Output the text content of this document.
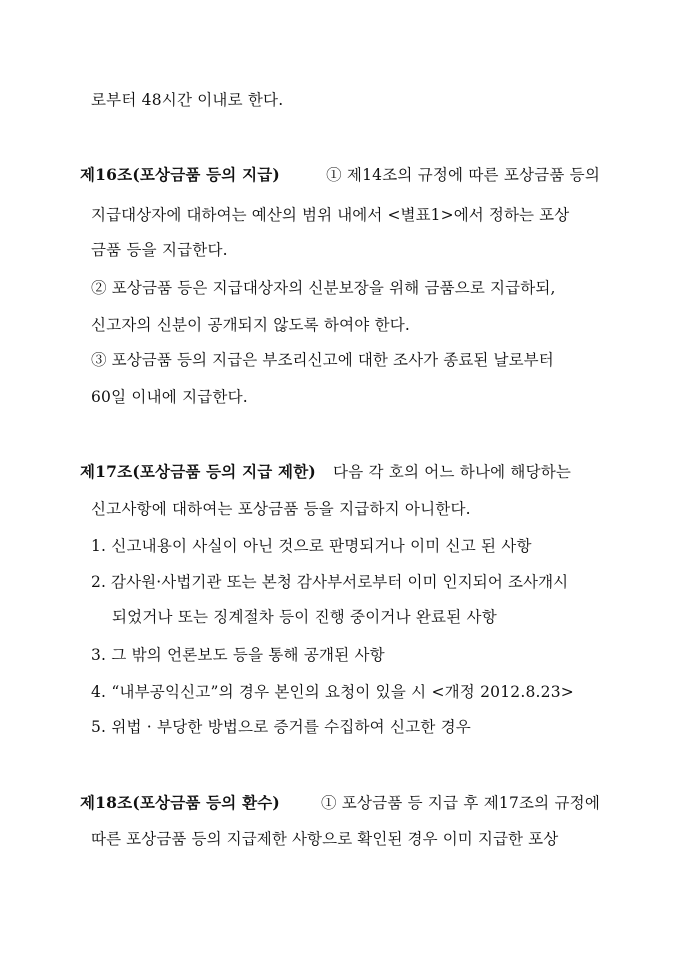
로부터 48시간 이내로 한다.
제16조(포상금품 등의 지급)	① 제14조의 규정에 따른 포상금품 등의
지급대상자에 대하여는 예산의 범위 내에서 <별표1>에서 정하는 포상
금품 등을 지급한다.
② 포상금품 등은 지급대상자의 신분보장을 위해 금품으로 지급하되,
신고자의 신분이 공개되지 않도록 하여야 한다.
③ 포상금품 등의 지급은 부조리신고에 대한 조사가 종료된 날로부터
60일 이내에 지급한다.
제17조(포상금품 등의 지급 제한) 다음 각 호의 어느 하나에 해당하는
신고사항에 대하여는 포상금품 등을 지급하지 아니한다.
1. 신고내용이 사실이 아닌 것으로 판명되거나 이미 신고 된 사항
2. 감사원·사법기관 또는 본청 감사부서로부터 이미 인지되어 조사개시
되었거나 또는 징계절차 등이 진행 중이거나 완료된 사항
3. 그 밖의 언론보도 등을 통해 공개된 사항
4. “내부공익신고”의 경우 본인의 요청이 있을 시 <개정 2012.8.23>
5. 위법 · 부당한 방법으로 증거를 수집하여 신고한 경우
제18조(포상금품 등의 환수)	① 포상금품 등 지급 후 제17조의 규정에
따른 포상금품 등의 지급제한 사항으로 확인된 경우 이미 지급한 포상
